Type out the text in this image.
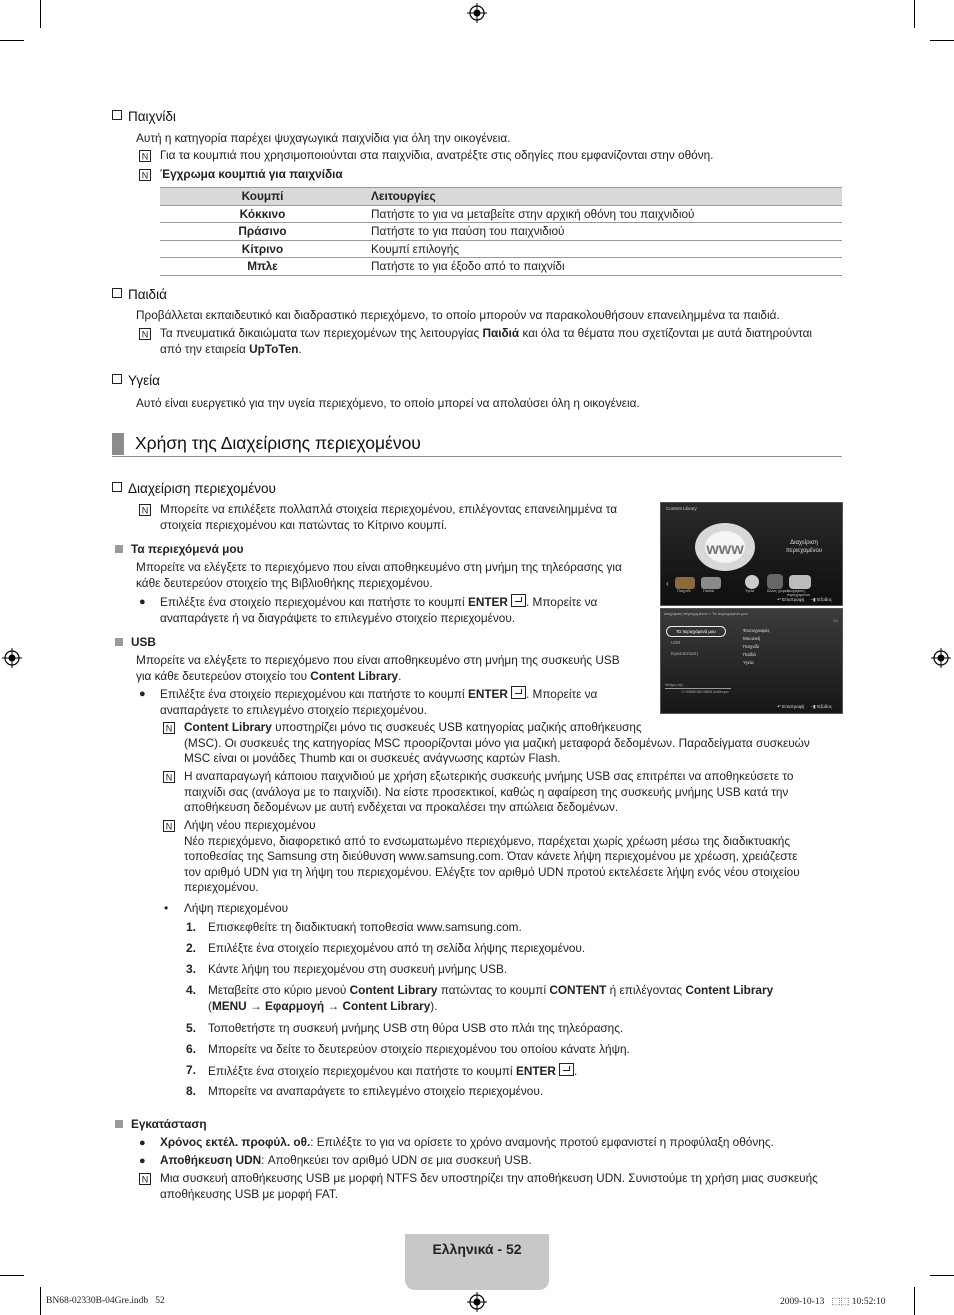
Παιχνίδι
Αυτή η κατηγορία παρέχει ψυχαγωγικά παιχνίδια για όλη την οικογένεια.
N Για τα κουμπιά που χρησιμοποιούνται στα παιχνίδια, ανατρέξτε στις οδηγίες που εμφανίζονται στην οθόνη.
N Έγχρωμα κουμπιά για παιχνίδια
Κουμπί	Λειτουργίες
Κόκκινο	Πατήστε το για να μεταβείτε στην αρχική οθόνη του παιχνιδιού
Πράσινο	Πατήστε το για παύση του παιχνιδιού
Κίτρινο	Κουμπί επιλογής
Μπλε	Πατήστε το για έξοδο από το παιχνίδι
Παιδιά
Προβάλλεται εκπαιδευτικό και διαδραστικό περιεχόμενο, το οποίο μπορούν να παρακολουθήσουν επανειλημμένα τα παιδιά.
N Τα πνευματικά δικαιώματα των περιεχομένων της λειτουργίας Παιδιά και όλα τα θέματα που σχετίζονται με αυτά διατηρούνται
από την εταιρεία UpToTen.
Υγεία
Αυτό είναι ευεργετικό για την υγεία περιεχόμενο, το οποίο μπορεί να απολαύσει όλη η οικογένεια.
Χρήση της Διαχείρισης περιεχομένου
Διαχείριση περιεχομένου
N Μπορείτε να επιλέξετε πολλαπλά στοιχεία περιεχομένου, επιλέγοντας επανειλημμένα τα
στοιχεία περιεχομένου και πατώντας το Κίτρινο κουμπί.
Τα περιεχόμενά μου
Μπορείτε να ελέγξετε το περιεχόμενο που είναι αποθηκευμένο στη μνήμη της τηλεόρασης για
κάθε δευτερεύον στοιχείο της Βιβλιοθήκης περιεχομένου.
● Επιλέξτε ένα στοιχείο περιεχομένου και πατήστε το κουμπί ENTER . Μπορείτε να
αναπαράγετε ή να διαγράψετε το επιλεγμένο στοιχείο περιεχομένου.
USB
Μπορείτε να ελέγξετε το περιεχόμενο που είναι αποθηκευμένο στη μνήμη της συσκευής USB
για κάθε δευτερεύον στοιχείο του Content Library.
● Επιλέξτε ένα στοιχείο περιεχομένου και πατήστε το κουμπί ENTER . Μπορείτε να
αναπαράγετε το επιλεγμένο στοιχείο περιεχομένου.
N Content Library υποστηρίζει μόνο τις συσκευές USB κατηγορίας μαζικής αποθήκευσης
(MSC). Οι συσκευές της κατηγορίας MSC προορίζονται μόνο για μαζική μεταφορά δεδομένων. Παραδείγματα συσκευών
MSC είναι οι μονάδες Thumb και οι συσκευές ανάγνωσης καρτών Flash.
N Η αναπαραγωγή κάποιου παιχνιδιού με χρήση εξωτερικής συσκευής μνήμης USB σας επιτρέπει να αποθηκεύσετε το
παιχνίδι σας (ανάλογα με το παιχνίδι). Να είστε προσεκτικοί, καθώς η αφαίρεση της συσκευής μνήμης USB κατά την
αποθήκευση δεδομένων με αυτή ενδέχεται να προκαλέσει την απώλεια δεδομένων.
N Λήψη νέου περιεχομένου
Νέο περιεχόμενο, διαφορετικό από το ενσωματωμένο περιεχόμενο, παρέχεται χωρίς χρέωση μέσω της διαδικτυακής
τοποθεσίας της Samsung στη διεύθυνση www.samsung.com. Όταν κάνετε λήψη περιεχομένου με χρέωση, χρειάζεστε
τον αριθμό UDN για τη λήψη του περιεχομένου. Ελέγξτε τον αριθμό UDN προτού εκτελέσετε λήψη ενός νέου στοιχείου
περιεχομένου.
• Λήψη περιεχομένου
1. Επισκεφθείτε τη διαδικτυακή τοποθεσία www.samsung.com.
2. Επιλέξτε ένα στοιχείο περιεχομένου από τη σελίδα λήψης περιεχομένου.
3. Κάντε λήψη του περιεχομένου στη συσκευή μνήμης USB.
4. Μεταβείτε στο κύριο μενού Content Library πατώντας το κουμπί CONTENT ή επιλέγοντας Content Library
(MENU → Εφαρμογή → Content Library).
5. Τοποθετήστε τη συσκευή μνήμης USB στη θύρα USB στο πλάι της τηλεόρασης.
6. Μπορείτε να δείτε το δευτερεύον στοιχείο περιεχομένου του οποίου κάνατε λήψη.
7. Επιλέξτε ένα στοιχείο περιεχομένου και πατήστε το κουμπί ENTER .
8. Μπορείτε να αναπαράγετε το επιλεγμένο στοιχείο περιεχομένου.
Εγκατάσταση
● Χρόνος εκτέλ. προφύλ. οθ.: Επιλέξτε το για να ορίσετε το χρόνο αναμονής προτού εμφανιστεί η προφύλαξη οθόνης.
● Αποθήκευση UDN: Αποθηκεύει τον αριθμό UDN σε μια συσκευή USB.
N Μια συσκευή αποθήκευσης USB με μορφή NTFS δεν υποστηρίζει την αποθήκευση UDN. Συνιστούμε τη χρήση μιας συσκευής
αποθήκευσης USB με μορφή FAT.
Content Library
www	Διαχείριση
περιεχομένου
‹
Παιχνίδι	Παιδιά	Υγεία	Άλλες χώρες
Διαχείριση περιεχομένου
↶ Επιστροφή     −▮ Έξοδος
Διαχείριση περιεχομένου > Τα περιεχόμενά μου
Τα περιεχόμενά μου
USB
Εγκατάσταση
1/1
Φωτογραφίες
Μουσική
Παιχνίδι
Παιδιά
Υγεία
Μνήμη τηλ.
17.94MB/186.48MB Διαθέσιμο
↶ Επιστροφή     −▮ Έξοδος
Ελληνικά - 52
BN68-02330B-04Gre.indb   52	2009-10-13   ⬚⬚ 10:52:10
